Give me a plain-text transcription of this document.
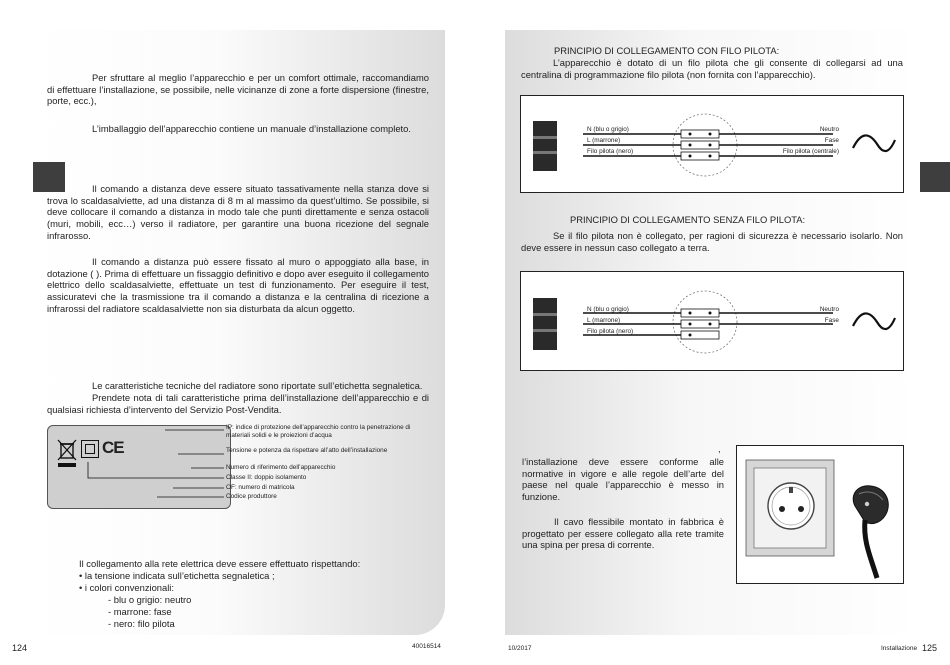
Per sfruttare al meglio l’apparecchio e per un comfort ottimale, raccomandiamo di effettuare l’installazione, se possibile, nelle vicinanze di zone a forte dispersione (finestre, porte, ecc.),

L’imballaggio dell’apparecchio contiene un manuale d’installazione completo.

Il comando a distanza deve essere situato tassativamente nella stanza dove si trova lo scaldasalviette, ad una distanza di 8 m al massimo da quest’ultimo. Se possibile, si deve collocare il comando a distanza in modo tale che punti direttamente e senza ostacoli (muri, mobili, ecc…) verso il radiatore, per garantire una buona ricezione del segnale infrarosso.

Il comando a distanza può essere fissato al muro o appoggiato alla base, in dotazione ( ). Prima di effettuare un fissaggio definitivo e dopo aver eseguito il collegamento elettrico dello scaldasalviette, effettuate un test di funzionamento. Per eseguire il test, assicuratevi che la trasmissione tra il comando a distanza e la centralina di ricezione a infrarossi del radiatore scaldasalviette non sia disturbata da alcun oggetto.

Le caratteristiche tecniche del radiatore sono riportate sull’etichetta segnaletica.

Prendete nota di tali caratteristiche prima dell’installazione dell’apparecchio e di qualsiasi richiesta d’intervento del Servizio Post-Vendita.

CE
IP: indice di protezione dell’apparecchio contro la penetrazione di materiali solidi e le proiezioni d’acqua
Tensione e potenza da rispettare all’atto dell’installazione
Numero di riferimento dell’apparecchio
Classe II: doppio isolamento
OF: numero di matricola
Codice produttore

Il collegamento alla rete elettrica deve essere effettuato rispettando:

• la tensione indicata sull’etichetta segnaletica ;

• i colori convenzionali:

- blu o grigio: neutro

- marrone: fase

- nero: filo pilota

124	40016514

PRINCIPIO DI COLLEGAMENTO CON FILO PILOTA:

L’apparecchio è dotato di un filo pilota che gli consente di collegarsi ad una centralina di programmazione filo pilota (non fornita con l’apparecchio).

N (blu o grigio)
L (marrone)
Filo pilota (nero)
Neutro
Fase
Filo pilota (centrale)

PRINCIPIO DI COLLEGAMENTO SENZA FILO PILOTA:

Se il filo pilota non è collegato, per ragioni di sicurezza è necessario isolarlo. Non deve essere in nessun caso collegato a terra.

N (blu o grigio)
L (marrone)
Filo pilota (nero)
Neutro
Fase
,

l’installazione deve essere conforme alle normative in vigore e alle regole dell’arte del paese nel quale l’apparecchio è messo in funzione.

Il cavo flessibile montato in fabbrica è progettato per essere collegato alla rete tramite una spina per presa di corrente.

10/2017	Installazione 125
